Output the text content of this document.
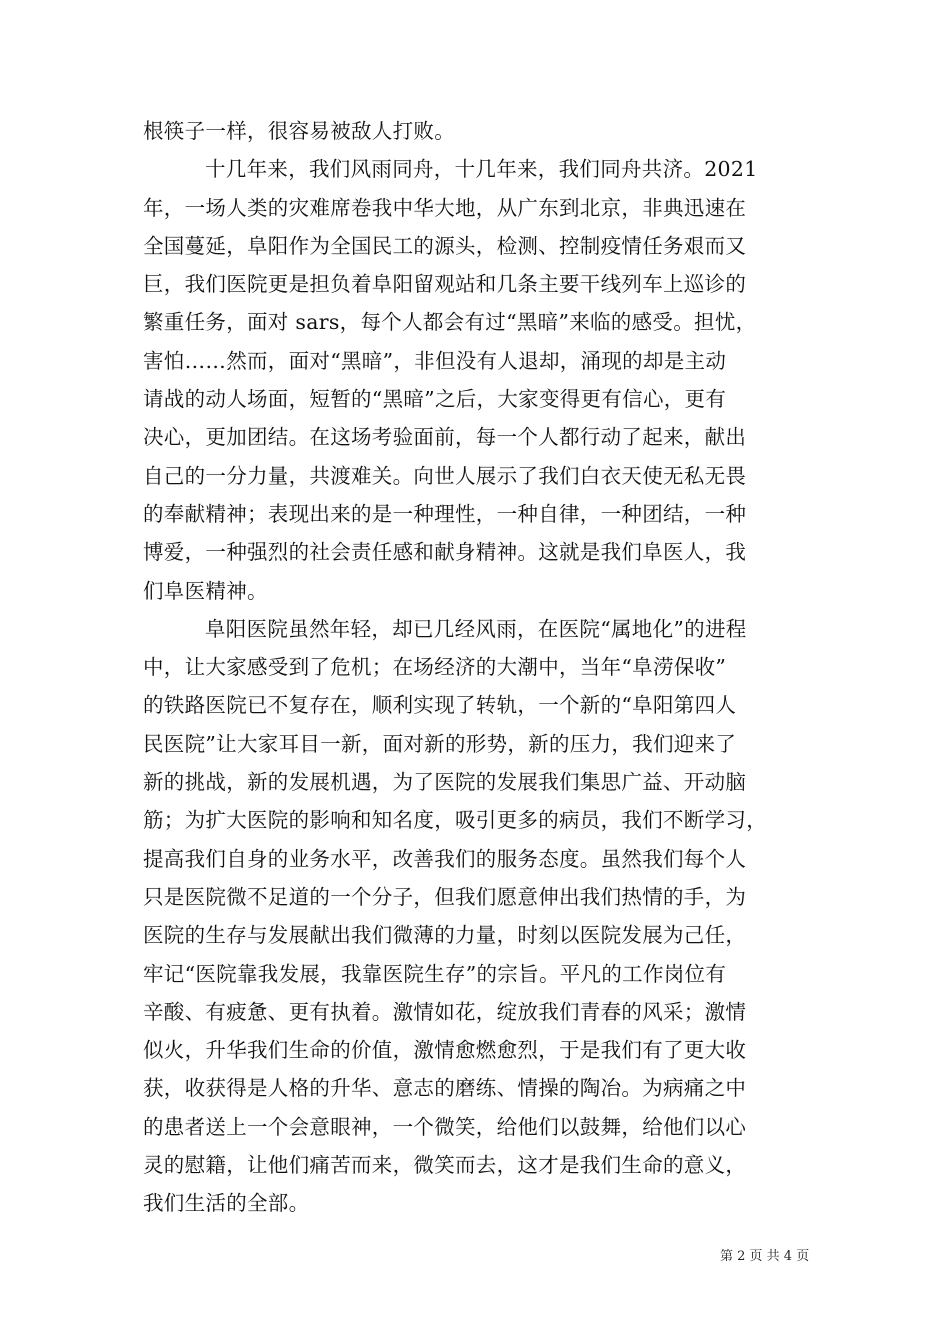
根筷子一样，很容易被敌人打败。
十几年来，我们风雨同舟，十几年来，我们同舟共济。2021
年，一场人类的灾难席卷我中华大地，从广东到北京，非典迅速在
全国蔓延，阜阳作为全国民工的源头，检测、控制疫情任务艰而又
巨，我们医院更是担负着阜阳留观站和几条主要干线列车上巡诊的
繁重任务，面对 sars，每个人都会有过“黑暗”来临的感受。担忧，
害怕……然而，面对“黑暗”，非但没有人退却，涌现的却是主动
请战的动人场面，短暂的“黑暗”之后，大家变得更有信心，更有
决心，更加团结。在这场考验面前，每一个人都行动了起来，献出
自己的一分力量，共渡难关。向世人展示了我们白衣天使无私无畏
的奉献精神；表现出来的是一种理性，一种自律，一种团结，一种
博爱，一种强烈的社会责任感和献身精神。这就是我们阜医人，我
们阜医精神。
阜阳医院虽然年轻，却已几经风雨，在医院“属地化”的进程
中，让大家感受到了危机；在场经济的大潮中，当年“阜涝保收”
的铁路医院已不复存在，顺利实现了转轨，一个新的“阜阳第四人
民医院”让大家耳目一新，面对新的形势，新的压力，我们迎来了
新的挑战，新的发展机遇，为了医院的发展我们集思广益、开动脑
筋；为扩大医院的影响和知名度，吸引更多的病员，我们不断学习，
提高我们自身的业务水平，改善我们的服务态度。虽然我们每个人
只是医院微不足道的一个分子，但我们愿意伸出我们热情的手，为
医院的生存与发展献出我们微薄的力量，时刻以医院发展为己任，
牢记“医院靠我发展，我靠医院生存”的宗旨。平凡的工作岗位有
辛酸、有疲惫、更有执着。激情如花，绽放我们青春的风采；激情
似火，升华我们生命的价值，激情愈燃愈烈，于是我们有了更大收
获，收获得是人格的升华、意志的磨练、情操的陶冶。为病痛之中
的患者送上一个会意眼神，一个微笑，给他们以鼓舞，给他们以心
灵的慰籍，让他们痛苦而来，微笑而去，这才是我们生命的意义，
我们生活的全部。
第 2 页 共 4 页
